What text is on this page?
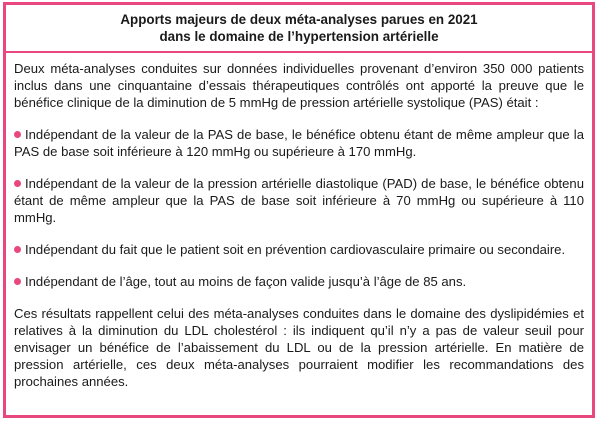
Apports majeurs de deux méta-analyses parues en 2021
dans le domaine de l’hypertension artérielle

Deux méta-analyses conduites sur données individuelles provenant d’environ 350 000 patients inclus dans une cinquantaine d’essais thérapeutiques contrôlés ont apporté la preuve que le bénéfice clinique de la diminution de 5 mmHg de pression artérielle systolique (PAS) était :

Indépendant de la valeur de la PAS de base, le bénéfice obtenu étant de même ampleur que la PAS de base soit inférieure à 120 mmHg ou supérieure à 170 mmHg.

Indépendant de la valeur de la pression artérielle diastolique (PAD) de base, le bénéfice obtenu étant de même ampleur que la PAS de base soit inférieure à 70 mmHg ou supérieure à 110 mmHg.

Indépendant du fait que le patient soit en prévention cardiovasculaire primaire ou secondaire.

Indépendant de l’âge, tout au moins de façon valide jusqu’à l’âge de 85 ans.

Ces résultats rappellent celui des méta-analyses conduites dans le domaine des dyslipidémies et relatives à la diminution du LDL cholestérol : ils indiquent qu’il n’y a pas de valeur seuil pour envisager un bénéfice de l’abaissement du LDL ou de la pression artérielle. En matière de pression artérielle, ces deux méta-analyses pourraient modifier les recommandations des prochaines années.
